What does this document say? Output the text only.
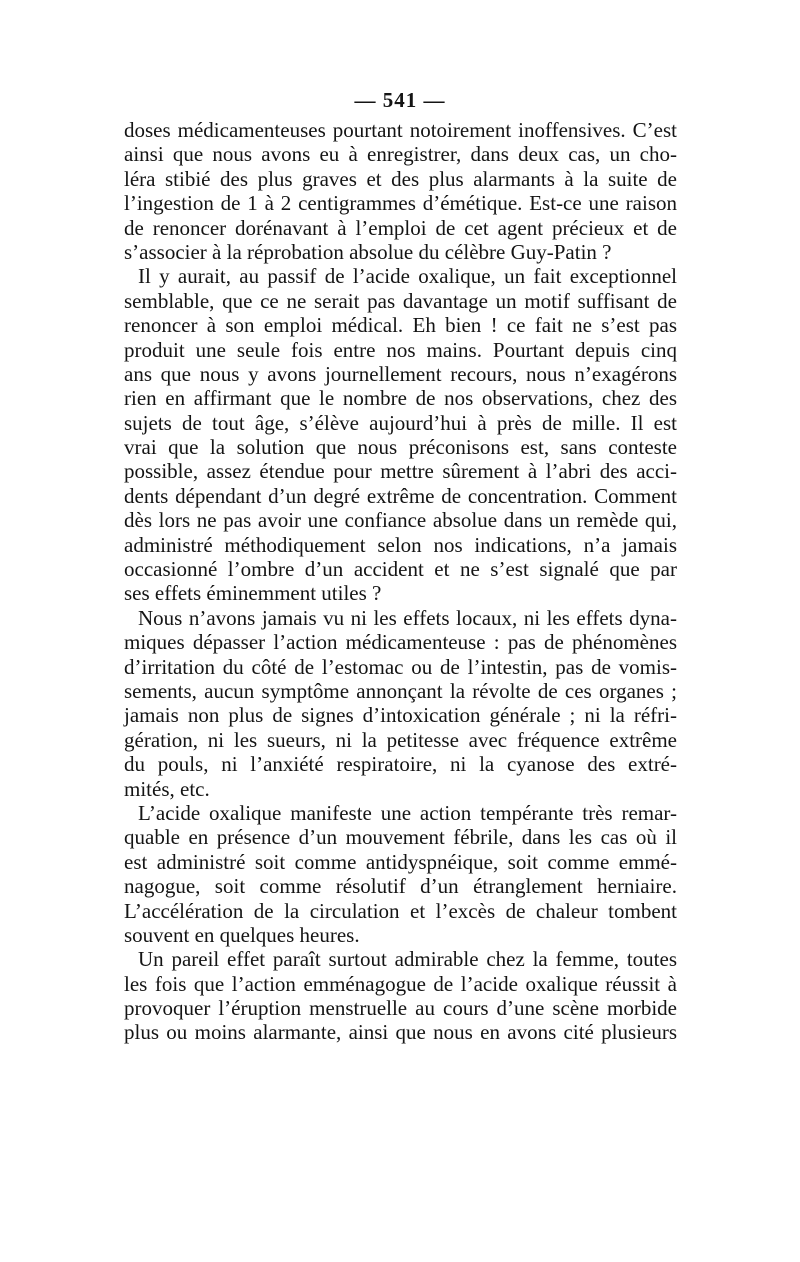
— 541 —
doses médicamenteuses pourtant notoirement inoffensives. C’est
ainsi que nous avons eu à enregistrer, dans deux cas, un cho-
léra stibié des plus graves et des plus alarmants à la suite de
l’ingestion de 1 à 2 centigrammes d’émétique. Est-ce une raison
de renoncer dorénavant à l’emploi de cet agent précieux et de
s’associer à la réprobation absolue du célèbre Guy-Patin ?
Il y aurait, au passif de l’acide oxalique, un fait exceptionnel
semblable, que ce ne serait pas davantage un motif suffisant de
renoncer à son emploi médical. Eh bien ! ce fait ne s’est pas
produit une seule fois entre nos mains. Pourtant depuis cinq
ans que nous y avons journellement recours, nous n’exagérons
rien en affirmant que le nombre de nos observations, chez des
sujets de tout âge, s’élève aujourd’hui à près de mille. Il est
vrai que la solution que nous préconisons est, sans conteste
possible, assez étendue pour mettre sûrement à l’abri des acci-
dents dépendant d’un degré extrême de concentration. Comment
dès lors ne pas avoir une confiance absolue dans un remède qui,
administré méthodiquement selon nos indications, n’a jamais
occasionné l’ombre d’un accident et ne s’est signalé que par
ses effets éminemment utiles ?
Nous n’avons jamais vu ni les effets locaux, ni les effets dyna-
miques dépasser l’action médicamenteuse : pas de phénomènes
d’irritation du côté de l’estomac ou de l’intestin, pas de vomis-
sements, aucun symptôme annonçant la révolte de ces organes ;
jamais non plus de signes d’intoxication générale ; ni la réfri-
gération, ni les sueurs, ni la petitesse avec fréquence extrême
du pouls, ni l’anxiété respiratoire, ni la cyanose des extré-
mités, etc.
L’acide oxalique manifeste une action tempérante très remar-
quable en présence d’un mouvement fébrile, dans les cas où il
est administré soit comme antidyspnéique, soit comme emmé-
nagogue, soit comme résolutif d’un étranglement herniaire.
L’accélération de la circulation et l’excès de chaleur tombent
souvent en quelques heures.
Un pareil effet paraît surtout admirable chez la femme, toutes
les fois que l’action emménagogue de l’acide oxalique réussit à
provoquer l’éruption menstruelle au cours d’une scène morbide
plus ou moins alarmante, ainsi que nous en avons cité plusieurs
